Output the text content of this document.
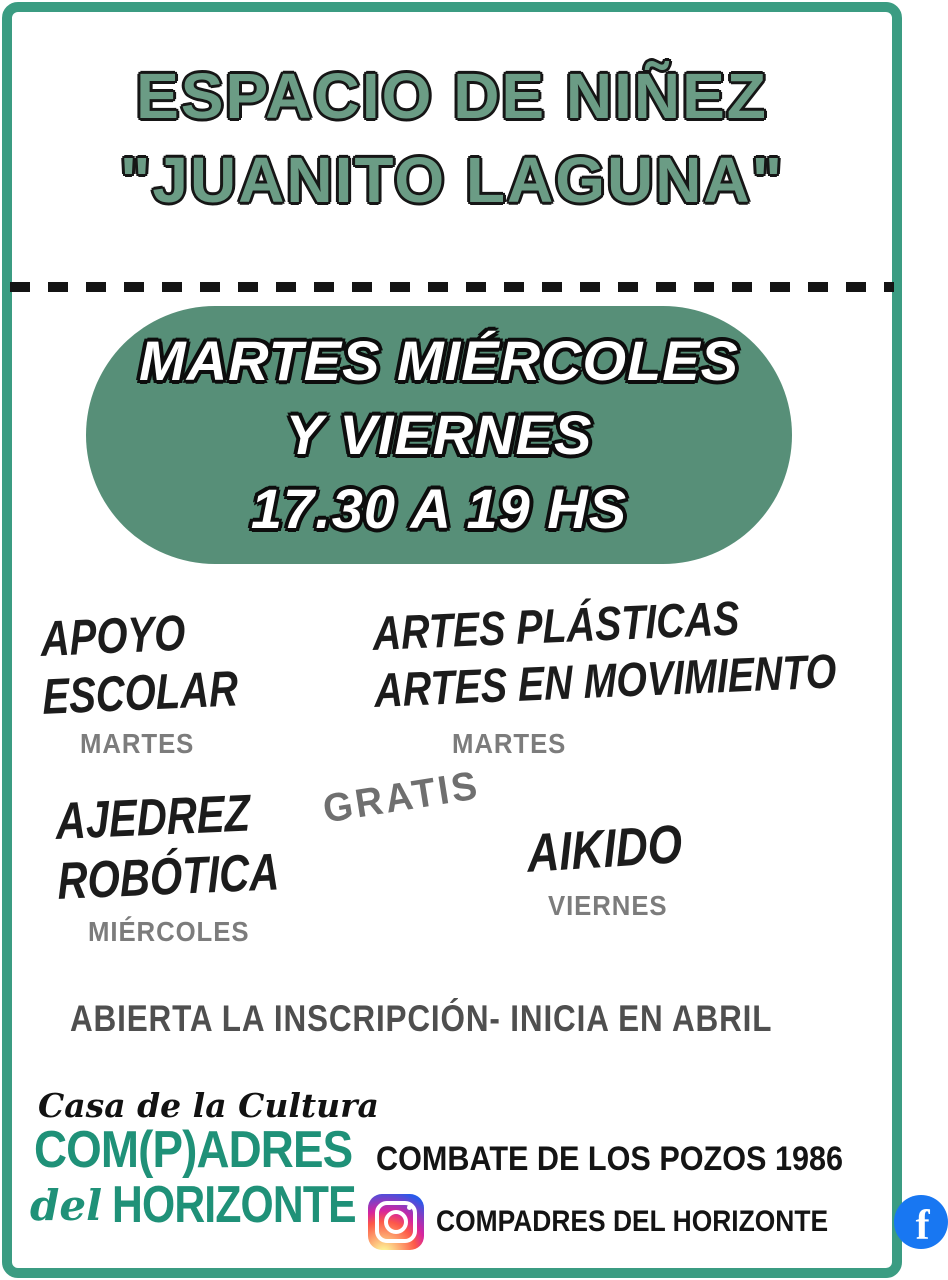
ESPACIO DE NIÑEZ
"JUANITO LAGUNA"
MARTES MIÉRCOLES
Y VIERNES
17.30 A 19 HS
APOYO
ESCOLAR
MARTES
ARTES PLÁSTICAS
ARTES EN MOVIMIENTO
MARTES
AJEDREZ
ROBÓTICA
MIÉRCOLES
GRATIS
AIKIDO
VIERNES
ABIERTA LA INSCRIPCIÓN- INICIA EN ABRIL
Casa de la Cultura
COM(P)ADRES
del HORIZONTE
COMBATE DE LOS POZOS 1986
COMPADRES DEL HORIZONTE f
